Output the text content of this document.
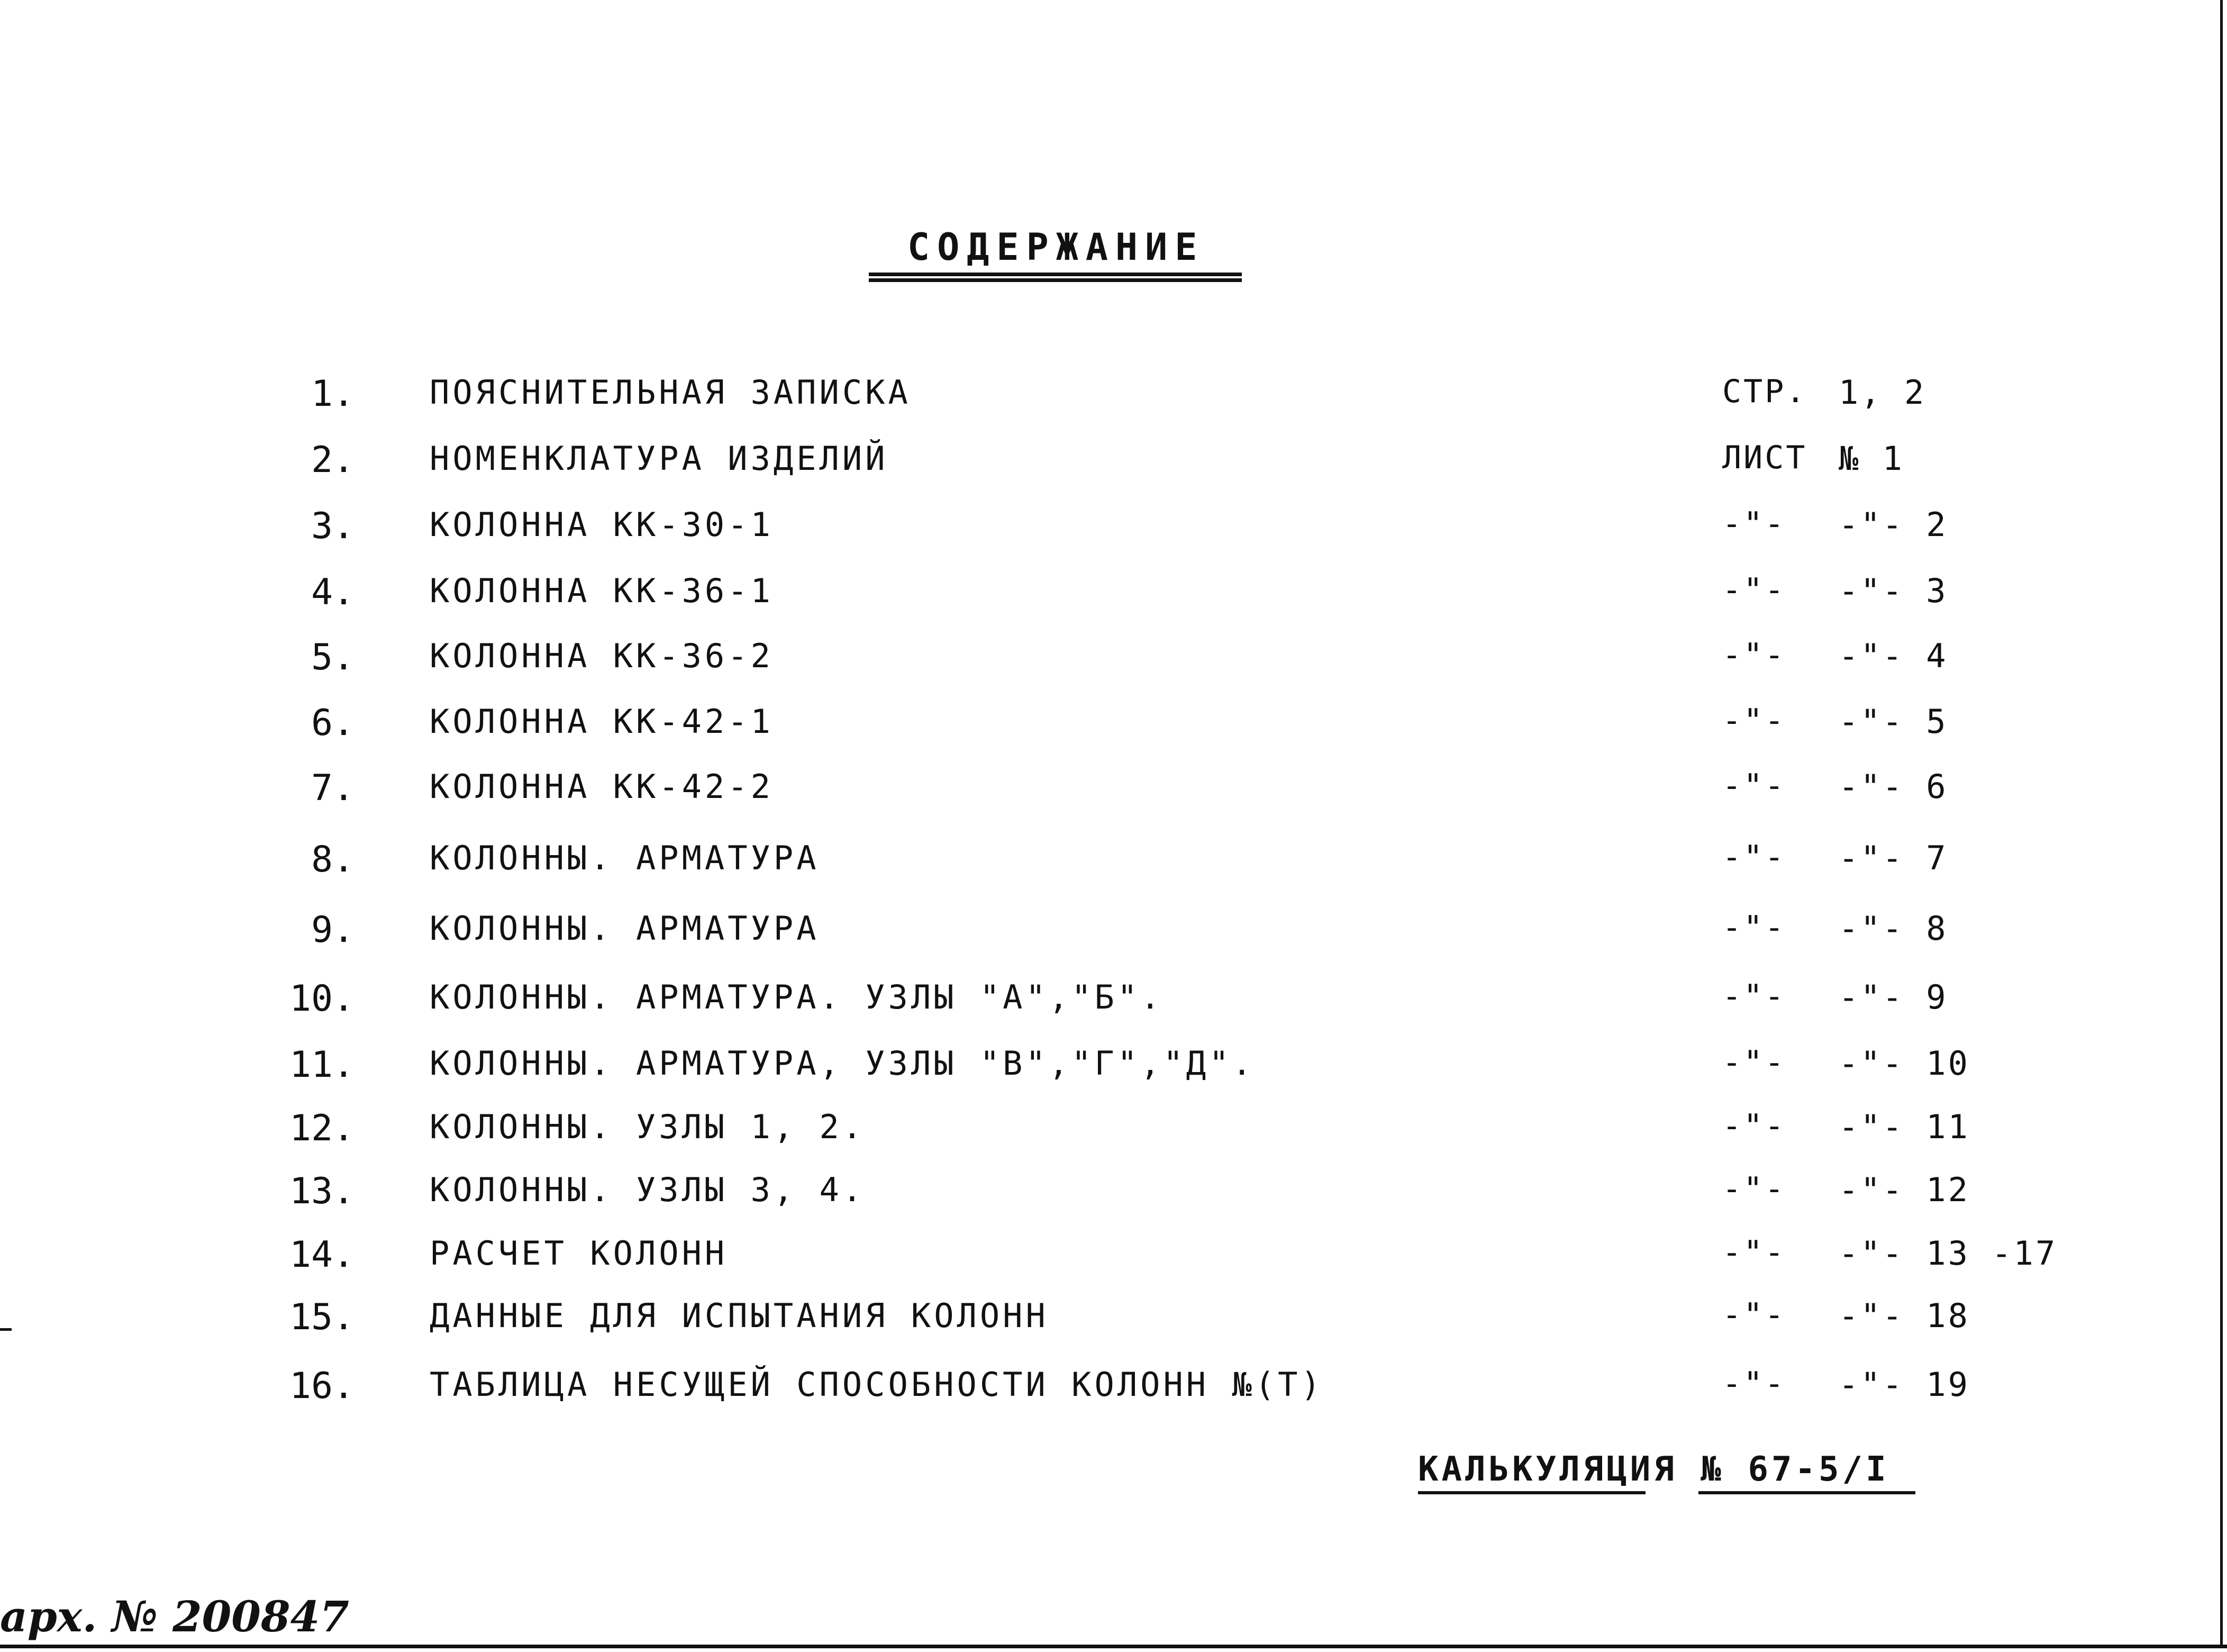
СОДЕРЖАНИЕ
1. ПОЯСНИТЕЛЬНАЯ ЗАПИСКА	СТР. 1, 2
2. НОМЕНКЛАТУРА ИЗДЕЛИЙ	ЛИСТ № 1
3. КОЛОННА КК-30-1	-"- -"- 2
4. КОЛОННА КК-36-1	-"- -"- 3
5. КОЛОННА КК-36-2	-"- -"- 4
6. КОЛОННА КК-42-1	-"- -"- 5
7. КОЛОННА КК-42-2	-"- -"- 6
8. КОЛОННЫ. АРМАТУРА	-"- -"- 7
9. КОЛОННЫ. АРМАТУРА	-"- -"- 8
10. КОЛОННЫ. АРМАТУРА. УЗЛЫ "А","Б".	-"- -"- 9
11. КОЛОННЫ. АРМАТУРА, УЗЛЫ "В","Г","Д".	-"- -"- 10
12. КОЛОННЫ. УЗЛЫ 1, 2.	-"- -"- 11
13. КОЛОННЫ. УЗЛЫ 3, 4.	-"- -"- 12
14. РАСЧЕТ КОЛОНН	-"- -"- 13 -17
15. ДАННЫЕ ДЛЯ ИСПЫТАНИЯ КОЛОНН	-"- -"- 18
16. ТАБЛИЦА НЕСУЩЕЙ СПОСОБНОСТИ КОЛОНН №(Т)	-"- -"- 19
КАЛЬКУЛЯЦИЯ № 67-5/I
арх. № 200847
